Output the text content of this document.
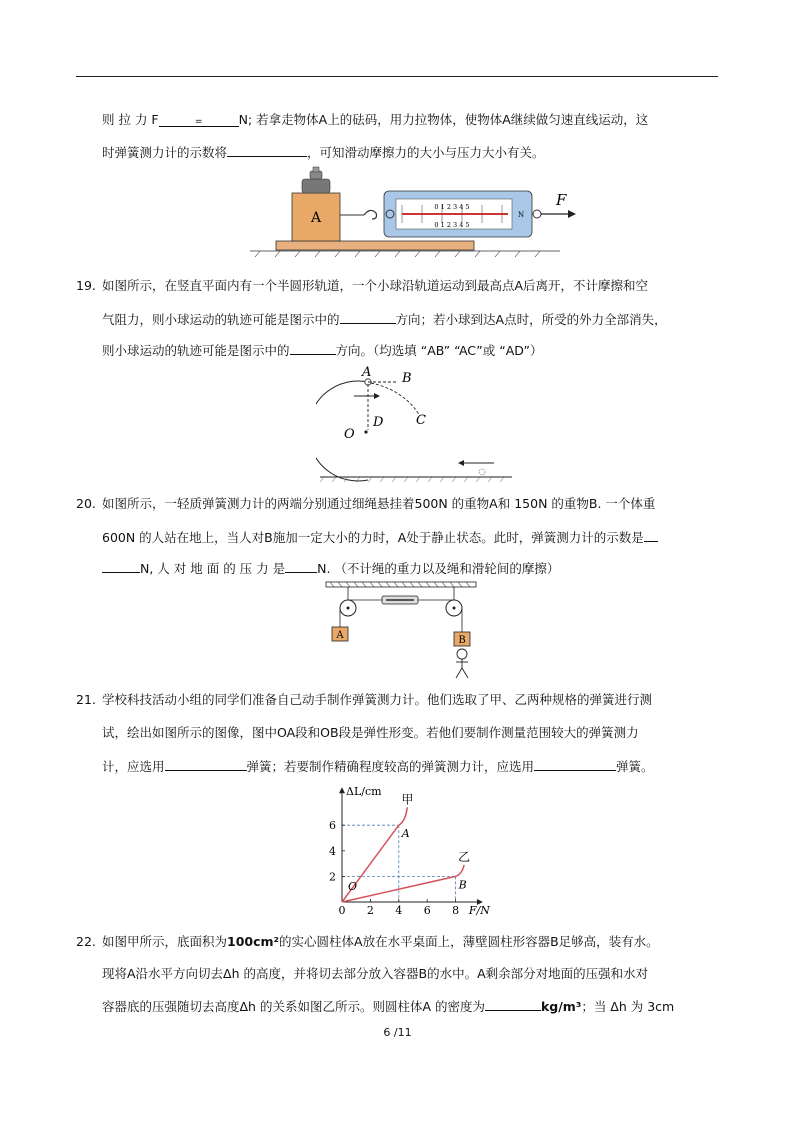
则 拉 力 F	=	N; 若拿走物体A上的砝码，用力拉物体，使物体A继续做匀速直线运动，这
时弹簧测力计的示数将	，可知滑动摩擦力的大小与压力大小有关。
A
0 1 2 3 4 5
0 1 2 3 4 5
N
F
19. 如图所示，在竖直平面内有一个半圆形轨道，一个小球沿轨道运动到最高点A后离开，不计摩擦和空
气阻力，则小球运动的轨迹可能是图示中的	方向；若小球到达A点时，所受的外力全部消失，
则小球运动的轨迹可能是图示中的	方向。（均选填 “AB” “AC”或 “AD”）
A B
C
D
O
20. 如图所示，一轻质弹簧测力计的两端分别通过细绳悬挂着500N 的重物A和 150N 的重物B. 一个体重
600N 的人站在地上，当人对B施加一定大小的力时，A处于静止状态。此时，弹簧测力计的示数是
N, 人 对 地 面 的 压 力 是	N. （不计绳的重力以及绳和滑轮间的摩擦）
A	B
21. 学校科技活动小组的同学们准备自己动手制作弹簧测力计。他们选取了甲、乙两种规格的弹簧进行测
试，绘出如图所示的图像，图中OA段和OB段是弹性形变。若他们要制作测量范围较大的弹簧测力
计，应选用	弹簧；若要制作精确程度较高的弹簧测力计，应选用	弹簧。
0 2 4 6 8
2
4
6
F/N
ΔL/cm
O
A
甲
B
乙
22. 如图甲所示，底面积为100cm²的实心圆柱体A放在水平桌面上，薄壁圆柱形容器B足够高，装有水。
现将A沿水平方向切去Δh 的高度，并将切去部分放入容器B的水中。A剩余部分对地面的压强和水对
容器底的压强随切去高度Δh 的关系如图乙所示。则圆柱体A 的密度为	kg/m³；当 Δh 为 3cm
6 /11
